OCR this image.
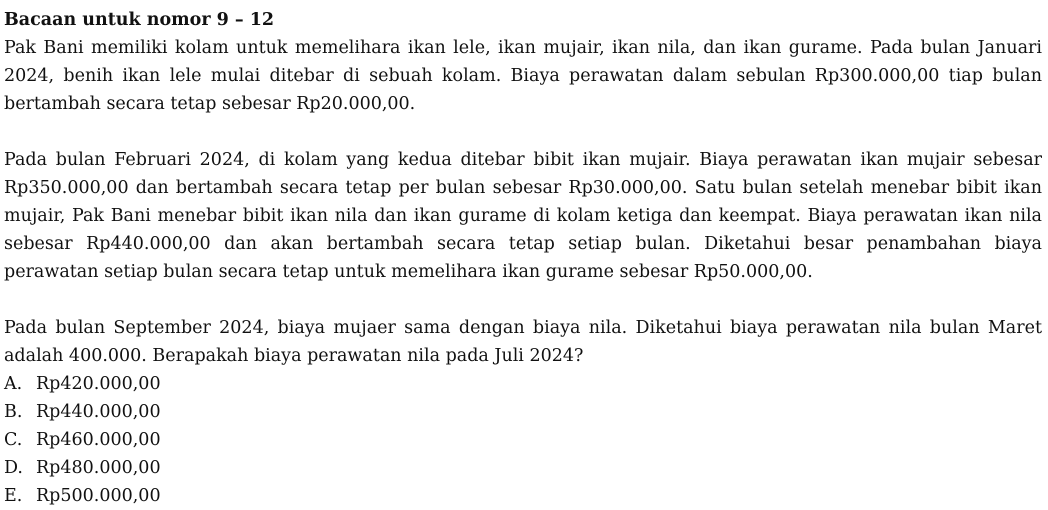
Bacaan untuk nomor 9 – 12

Pak Bani memiliki kolam untuk memelihara ikan lele, ikan mujair, ikan nila, dan ikan gurame. Pada bulan Januari 2024, benih ikan lele mulai ditebar di sebuah kolam. Biaya perawatan dalam sebulan Rp300.000,00 tiap bulan bertambah secara tetap sebesar Rp20.000,00.

Pada bulan Februari 2024, di kolam yang kedua ditebar bibit ikan mujair. Biaya perawatan ikan mujair sebesar Rp350.000,00 dan bertambah secara tetap per bulan sebesar Rp30.000,00. Satu bulan setelah menebar bibit ikan mujair, Pak Bani menebar bibit ikan nila dan ikan gurame di kolam ketiga dan keempat. Biaya perawatan ikan nila sebesar Rp440.000,00 dan akan bertambah secara tetap setiap bulan. Diketahui besar penambahan biaya perawatan setiap bulan secara tetap untuk memelihara ikan gurame sebesar Rp50.000,00.

Pada bulan September 2024, biaya mujaer sama dengan biaya nila. Diketahui biaya perawatan nila bulan Maret adalah 400.000. Berapakah biaya perawatan nila pada Juli 2024?

A. Rp420.000,00
B. Rp440.000,00
C. Rp460.000,00
D. Rp480.000,00
E. Rp500.000,00
